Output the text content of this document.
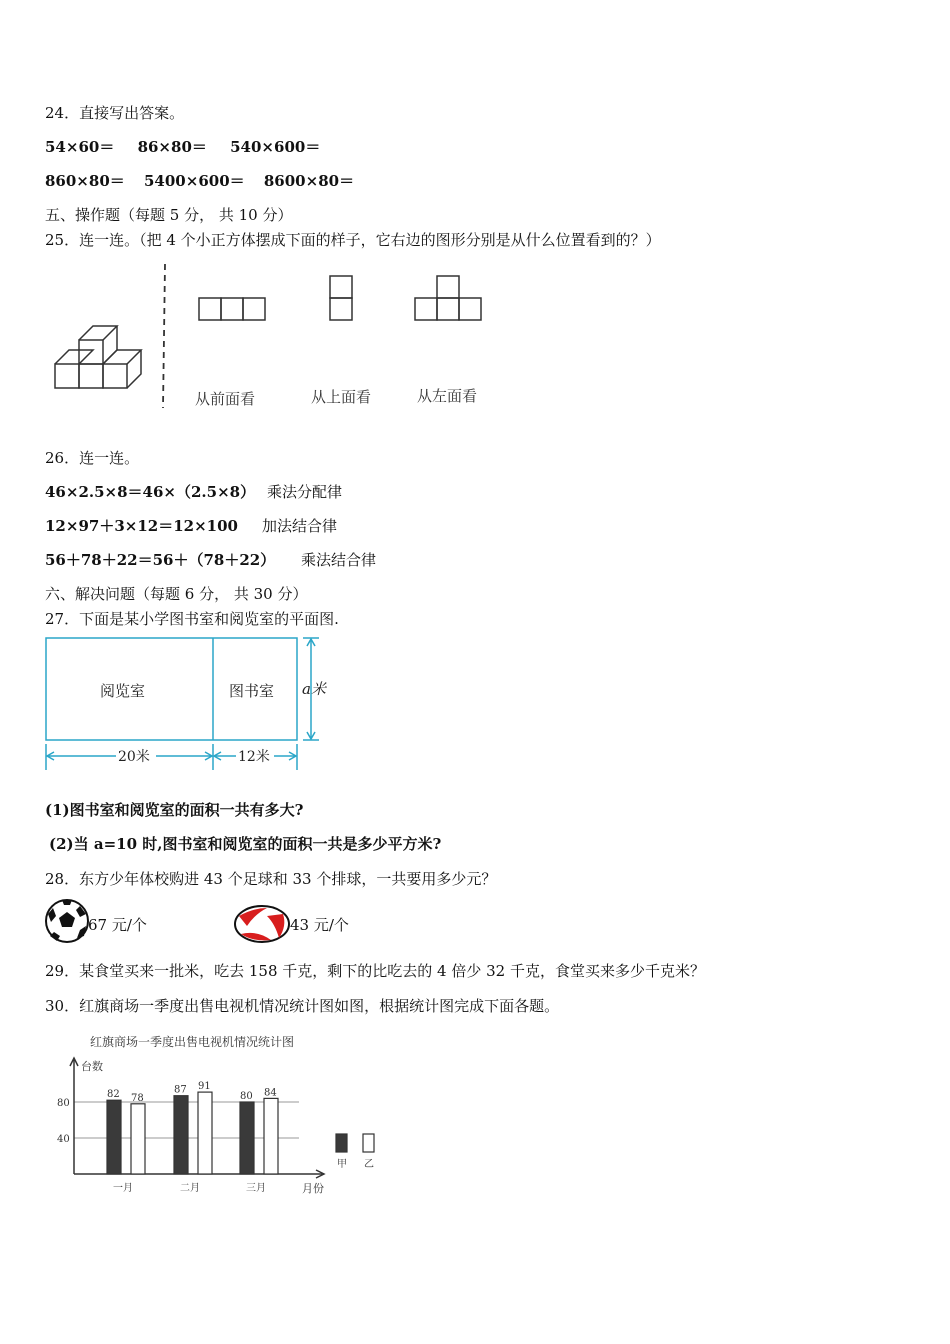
24．直接写出答案。
54×60＝ 86×80＝ 540×600＝
860×80＝ 5400×600＝ 8600×80＝
五、操作题（每题 5 分， 共 10 分）
25．连一连。（把 4 个小正方体摆成下面的样子，它右边的图形分别是从什么位置看到的？）
从前面看	从上面看	从左面看
26．连一连。
46×2.5×8＝46×（2.5×8） 乘法分配律
12×97＋3×12＝12×100 加法结合律
56＋78＋22＝56＋（78＋22） 乘法结合律
六、解决问题（每题 6 分， 共 30 分）
27．下面是某小学图书室和阅览室的平面图.
阅览室	图书室 a米
20米	12米
(1)图书室和阅览室的面积一共有多大?
(2)当 a=10 时,图书室和阅览室的面积一共是多少平方米?
28．东方少年体校购进 43 个足球和 33 个排球，一共要用多少元？
67 元/个	43 元/个
29．某食堂买来一批米，吃去 158 千克，剩下的比吃去的 4 倍少 32 千克，食堂买来多少千克米？
30．红旗商场一季度出售电视机情况统计图如图，根据统计图完成下面各题。
红旗商场一季度出售电视机情况统计图
台数
月份
40
80
82 78
一月
87 91
二月
80 84
三月
甲 乙
